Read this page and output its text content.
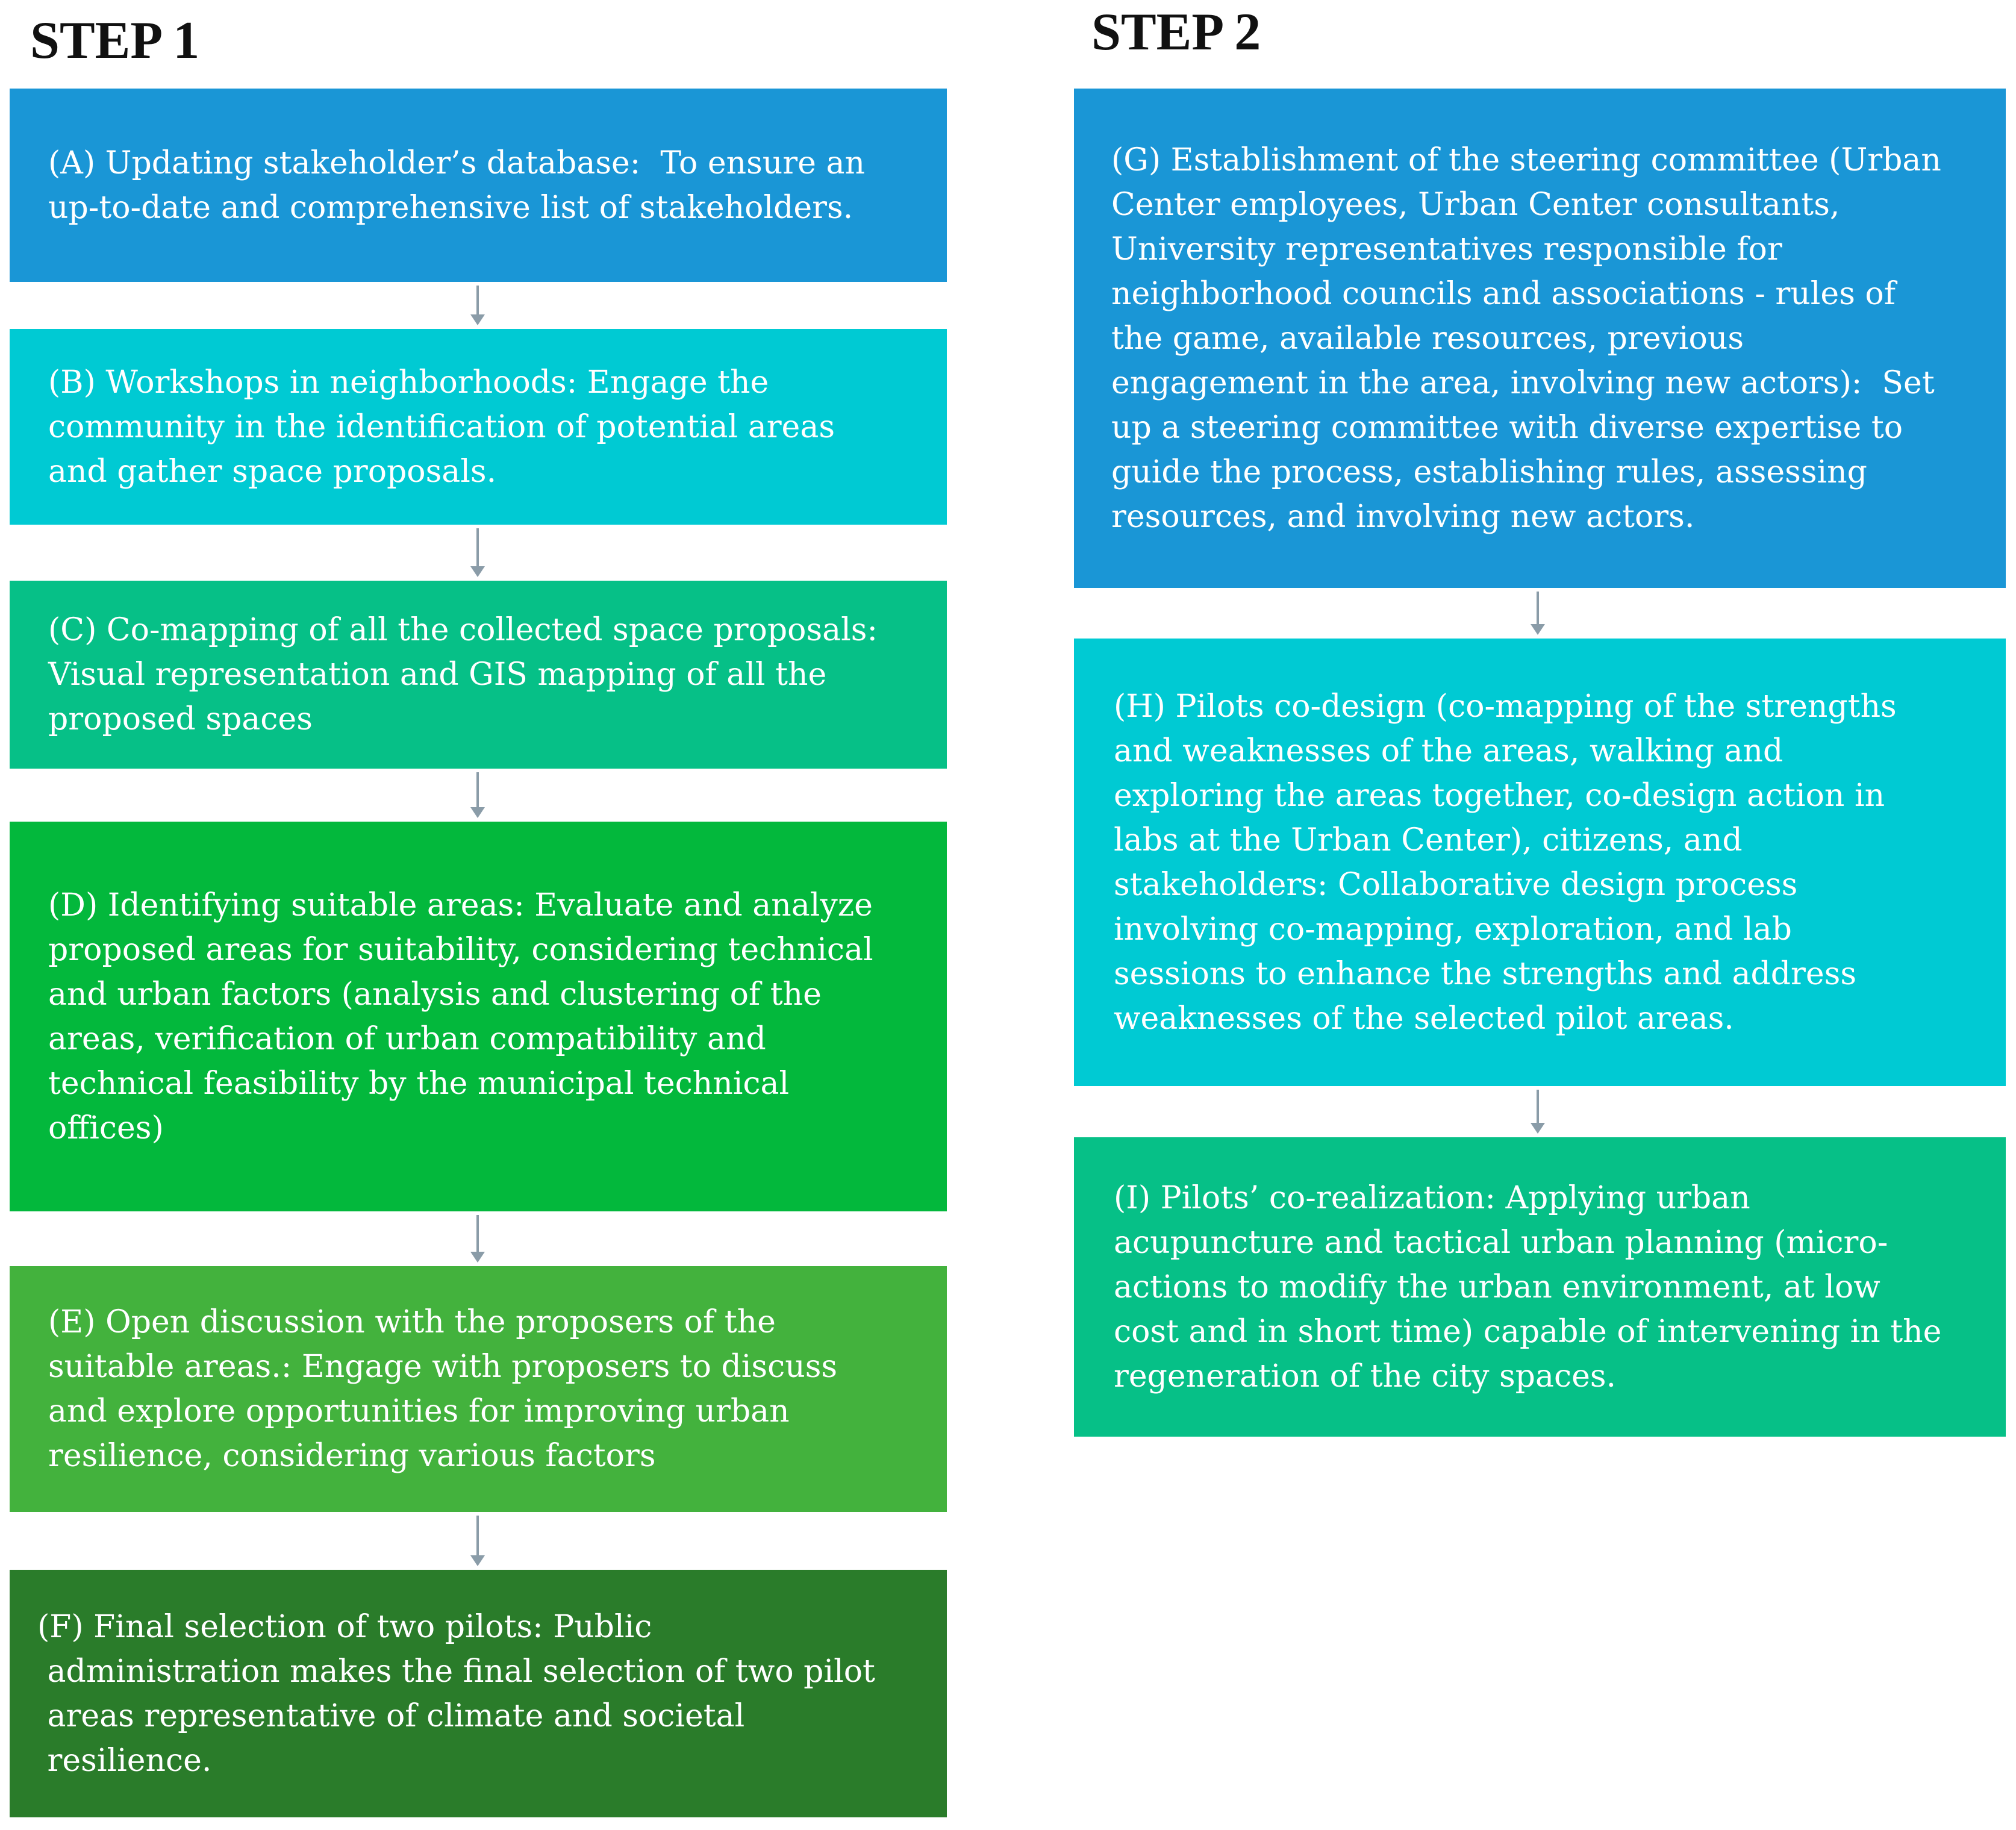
STEP 1	STEP 2
(A) Updating stakeholder’s database:  To ensure an
up-to-date and comprehensive list of stakeholders.
(B) Workshops in neighborhoods: Engage the
community in the identification of potential areas
and gather space proposals.
(C) Co-mapping of all the collected space proposals:
Visual representation and GIS mapping of all the
proposed spaces
(D) Identifying suitable areas: Evaluate and analyze
proposed areas for suitability, considering technical
and urban factors (analysis and clustering of the
areas, verification of urban compatibility and
technical feasibility by the municipal technical
offices)
(E) Open discussion with the proposers of the
suitable areas.: Engage with proposers to discuss
and explore opportunities for improving urban
resilience, considering various factors
(F) Final selection of two pilots: Public
administration makes the final selection of two pilot
areas representative of climate and societal
resilience.
(G) Establishment of the steering committee (Urban
Center employees, Urban Center consultants,
University representatives responsible for
neighborhood councils and associations - rules of
the game, available resources, previous
engagement in the area, involving new actors):  Set
up a steering committee with diverse expertise to
guide the process, establishing rules, assessing
resources, and involving new actors.
(H) Pilots co-design (co-mapping of the strengths
and weaknesses of the areas, walking and
exploring the areas together, co-design action in
labs at the Urban Center), citizens, and
stakeholders: Collaborative design process
involving co-mapping, exploration, and lab
sessions to enhance the strengths and address
weaknesses of the selected pilot areas.
(I) Pilots’ co-realization: Applying urban
acupuncture and tactical urban planning (micro-
actions to modify the urban environment, at low
cost and in short time) capable of intervening in the
regeneration of the city spaces.
